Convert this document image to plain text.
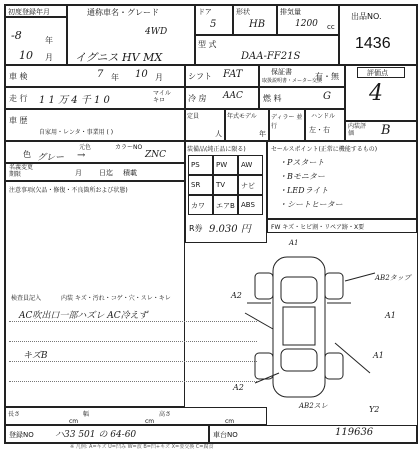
初度登録年月
-8	年
10 月
通称車名・グレード
4WD
イグニス HV MX
ドア
5
形状
HB
排気量
1200 cc
型 式
DAA-FF21S
出品NO.
1436
車 検	7 年 10 月	シフト FAT	保証書
取扱説明書・メーター交換
有・無	評価点
4
走 行 1 1 万 4 千 1 0
マイル キロ	冷 房 AAC	燃 料	G
車 歴
自家用・レンタ・事業用 ( )
定員
人
年式モデル
年
ディラー 並行
ハンドル
左・右	内装評価	B
色
元色	カラーNO
グレー →	ZNC
名義変更 期限	月 日迄 積載
装備品(純正品に限る)
R券 9.030 円
セールスポイント(正常に機能するもの)
・Pスタート
・Bモニター
・LEDライト
・シートヒーター
FW キズ・ヒビ割・リペア跡・X要
注意事項(欠品・修復・不良箇所および状態)
検査員記入	内装 キズ・汚れ・コゲ・穴・スレ・キレ
AC吹出口一部ハズレ AC冷えず
キズB
A1
AB2タップ
A1
A2
A2
A1
AB2スレ	Y2
長さ
cm
幅
cm
高さ
cm
登録NO ハ33 501 の 64-60	車台NO	119636
PS PW AW
SR TV ナビ
カワ エアB ABS
※ 凡例: A=キズ U=凹み W=波 B=凹+キズ X=要交換 C=腐食
